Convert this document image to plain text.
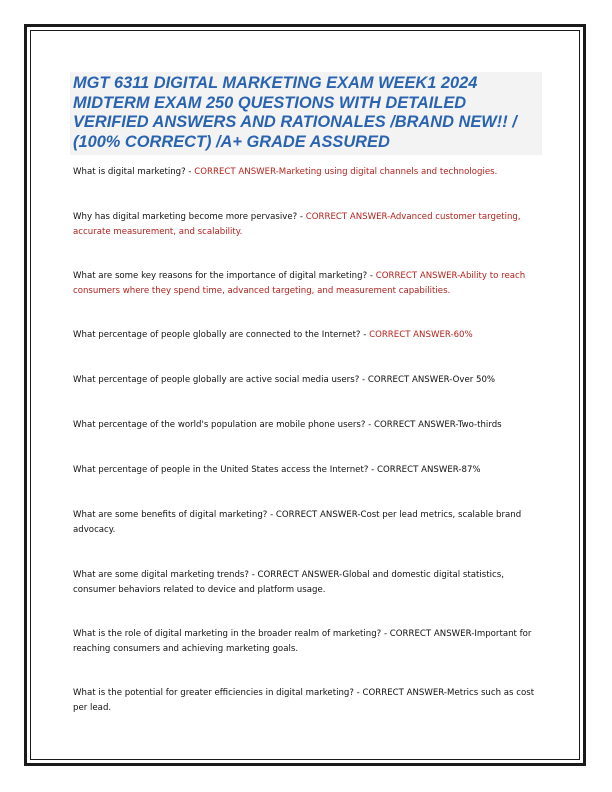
MGT 6311 DIGITAL MARKETING EXAM WEEK1 2024 MIDTERM EXAM 250 QUESTIONS WITH DETAILED VERIFIED ANSWERS AND RATIONALES /BRAND NEW!! / (100% CORRECT) /A+ GRADE ASSURED

What is digital marketing? - CORRECT ANSWER-Marketing using digital channels and technologies.

Why has digital marketing become more pervasive? - CORRECT ANSWER-Advanced customer targeting, accurate measurement, and scalability.

What are some key reasons for the importance of digital marketing? - CORRECT ANSWER-Ability to reach consumers where they spend time, advanced targeting, and measurement capabilities.

What percentage of people globally are connected to the Internet? - CORRECT ANSWER-60%

What percentage of people globally are active social media users? - CORRECT ANSWER-Over 50%

What percentage of the world's population are mobile phone users? - CORRECT ANSWER-Two-thirds

What percentage of people in the United States access the Internet? - CORRECT ANSWER-87%

What are some benefits of digital marketing? - CORRECT ANSWER-Cost per lead metrics, scalable brand advocacy.

What are some digital marketing trends? - CORRECT ANSWER-Global and domestic digital statistics, consumer behaviors related to device and platform usage.

What is the role of digital marketing in the broader realm of marketing? - CORRECT ANSWER-Important for reaching consumers and achieving marketing goals.

What is the potential for greater efficiencies in digital marketing? - CORRECT ANSWER-Metrics such as cost per lead.
